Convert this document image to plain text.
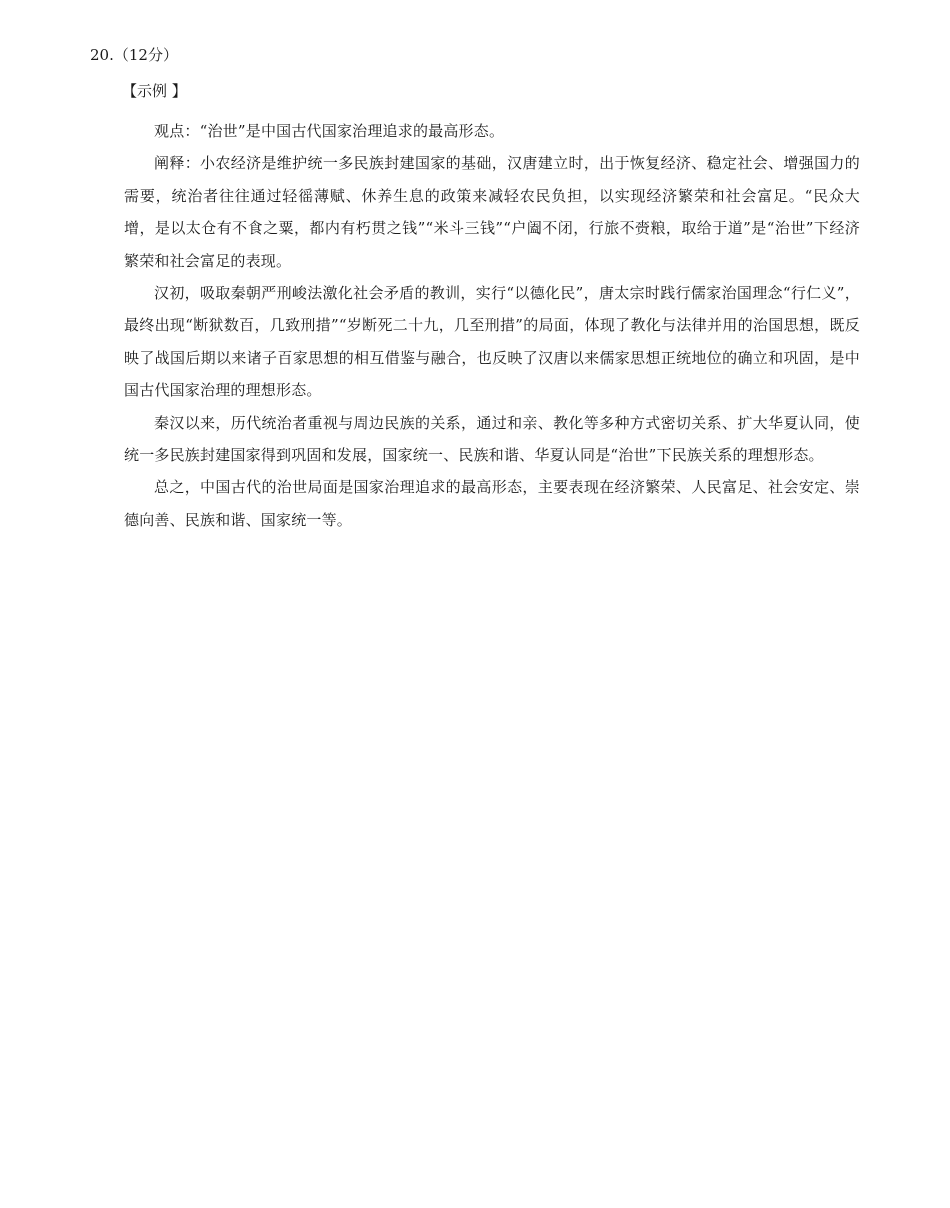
20.（12分）
【示例 】

观点：“治世”是中国古代国家治理追求的最高形态。

阐释：小农经济是维护统一多民族封建国家的基础，汉唐建立时，出于恢复经济、稳定社会、增强国力的需要，统治者往往通过轻徭薄赋、休养生息的政策来减轻农民负担，以实现经济繁荣和社会富足。“民众大增，是以太仓有不食之粟，都内有朽贯之钱”“米斗三钱”“户阖不闭，行旅不赍粮，取给于道”是“治世”下经济繁荣和社会富足的表现。

汉初，吸取秦朝严刑峻法激化社会矛盾的教训，实行“以德化民”，唐太宗时践行儒家治国理念“行仁义”，最终出现“断狱数百，几致刑措”“岁断死二十九，几至刑措”的局面，体现了教化与法律并用的治国思想，既反映了战国后期以来诸子百家思想的相互借鉴与融合，也反映了汉唐以来儒家思想正统地位的确立和巩固，是中国古代国家治理的理想形态。

秦汉以来，历代统治者重视与周边民族的关系，通过和亲、教化等多种方式密切关系、扩大华夏认同，使统一多民族封建国家得到巩固和发展，国家统一、民族和谐、华夏认同是“治世”下民族关系的理想形态。

总之，中国古代的治世局面是国家治理追求的最高形态，主要表现在经济繁荣、人民富足、社会安定、崇德向善、民族和谐、国家统一等。
